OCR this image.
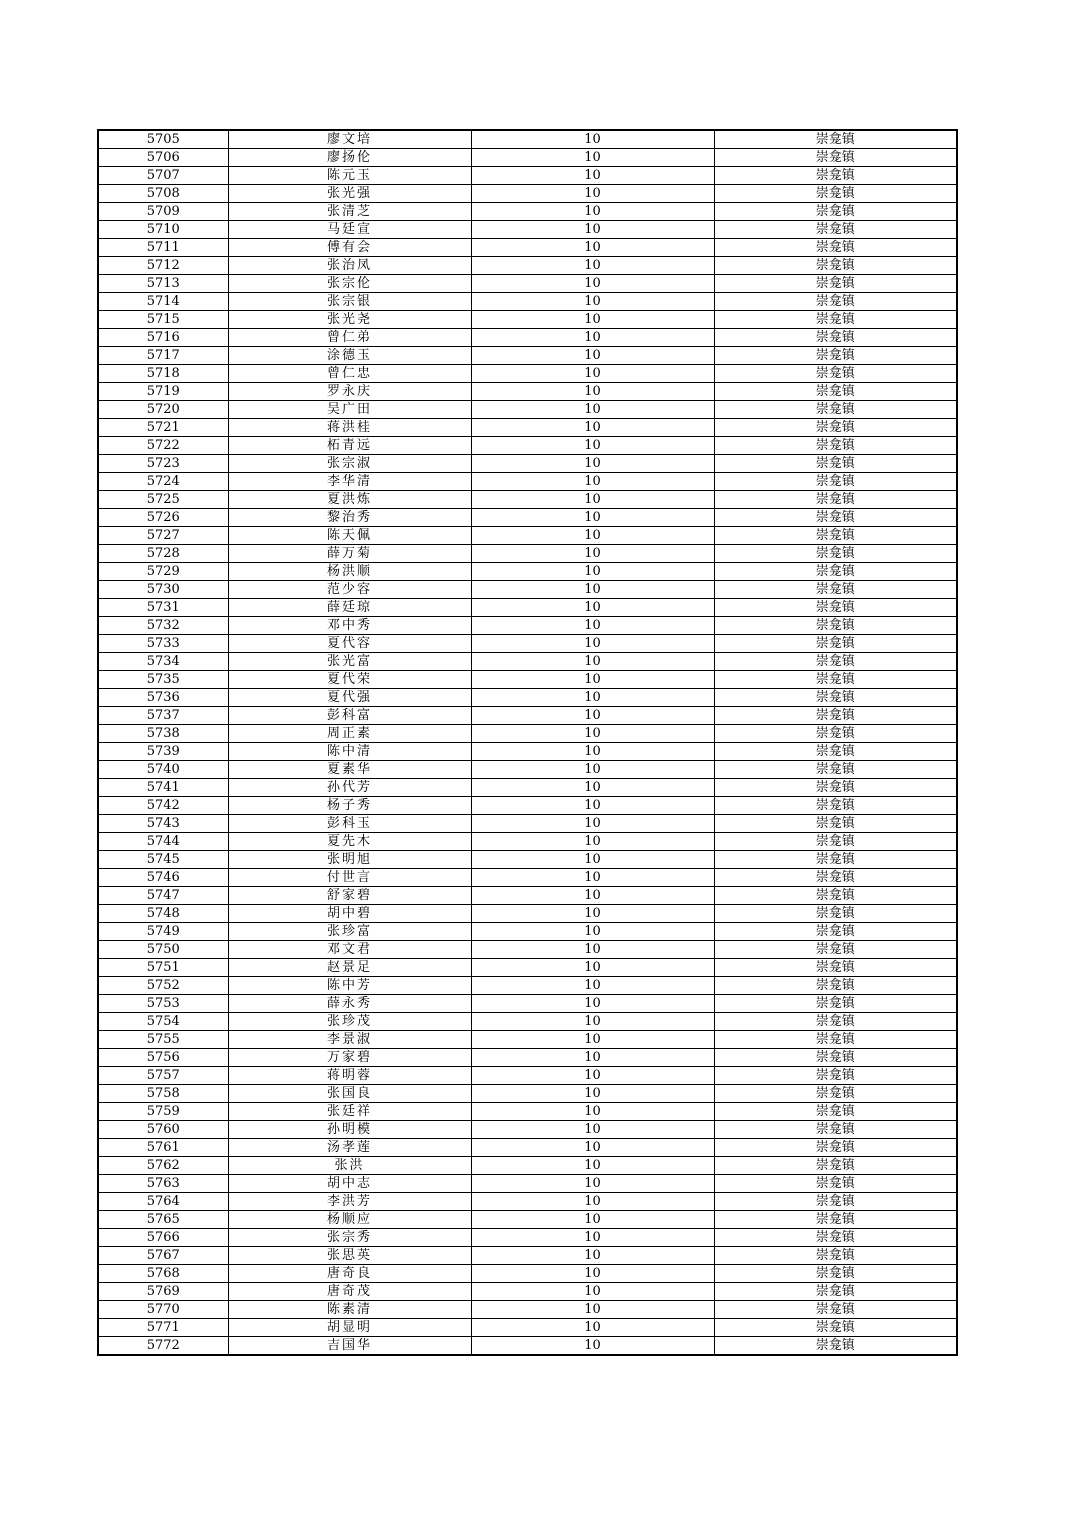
5705	廖文培	10	崇龛镇
5706	廖扬伦	10	崇龛镇
5707	陈元玉	10	崇龛镇
5708	张光强	10	崇龛镇
5709	张清芝	10	崇龛镇
5710	马廷宣	10	崇龛镇
5711	傅有会	10	崇龛镇
5712	张治凤	10	崇龛镇
5713	张宗伦	10	崇龛镇
5714	张宗银	10	崇龛镇
5715	张光尧	10	崇龛镇
5716	曾仁弟	10	崇龛镇
5717	涂德玉	10	崇龛镇
5718	曾仁忠	10	崇龛镇
5719	罗永庆	10	崇龛镇
5720	吴广田	10	崇龛镇
5721	蒋洪桂	10	崇龛镇
5722	柘青远	10	崇龛镇
5723	张宗淑	10	崇龛镇
5724	李华清	10	崇龛镇
5725	夏洪炼	10	崇龛镇
5726	黎治秀	10	崇龛镇
5727	陈天佩	10	崇龛镇
5728	薛万菊	10	崇龛镇
5729	杨洪顺	10	崇龛镇
5730	范少容	10	崇龛镇
5731	薛廷琼	10	崇龛镇
5732	邓中秀	10	崇龛镇
5733	夏代容	10	崇龛镇
5734	张光富	10	崇龛镇
5735	夏代荣	10	崇龛镇
5736	夏代强	10	崇龛镇
5737	彭科富	10	崇龛镇
5738	周正素	10	崇龛镇
5739	陈中清	10	崇龛镇
5740	夏素华	10	崇龛镇
5741	孙代芳	10	崇龛镇
5742	杨子秀	10	崇龛镇
5743	彭科玉	10	崇龛镇
5744	夏先木	10	崇龛镇
5745	张明旭	10	崇龛镇
5746	付世言	10	崇龛镇
5747	舒家碧	10	崇龛镇
5748	胡中碧	10	崇龛镇
5749	张珍富	10	崇龛镇
5750	邓文君	10	崇龛镇
5751	赵景足	10	崇龛镇
5752	陈中芳	10	崇龛镇
5753	薛永秀	10	崇龛镇
5754	张珍茂	10	崇龛镇
5755	李景淑	10	崇龛镇
5756	万家碧	10	崇龛镇
5757	蒋明蓉	10	崇龛镇
5758	张国良	10	崇龛镇
5759	张廷祥	10	崇龛镇
5760	孙明模	10	崇龛镇
5761	汤孝莲	10	崇龛镇
5762	张洪	10	崇龛镇
5763	胡中志	10	崇龛镇
5764	李洪芳	10	崇龛镇
5765	杨顺应	10	崇龛镇
5766	张宗秀	10	崇龛镇
5767	张思英	10	崇龛镇
5768	唐奇良	10	崇龛镇
5769	唐奇茂	10	崇龛镇
5770	陈素清	10	崇龛镇
5771	胡显明	10	崇龛镇
5772	吉国华	10	崇龛镇
